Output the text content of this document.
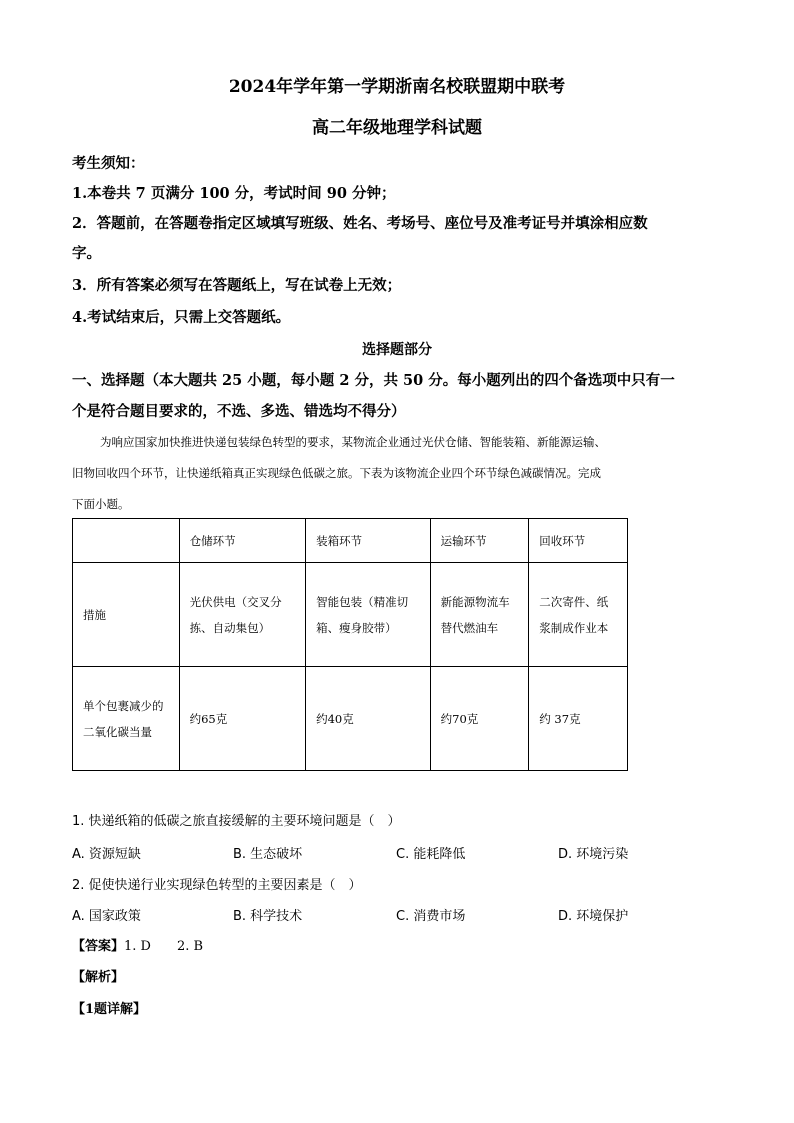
2024年学年第一学期浙南名校联盟期中联考
高二年级地理学科试题
考生须知：
1.本卷共 7 页满分 100 分，考试时间 90 分钟；
2．答题前，在答题卷指定区域填写班级、姓名、考场号、座位号及准考证号并填涂相应数
字。
3．所有答案必须写在答题纸上，写在试卷上无效；
4.考试结束后，只需上交答题纸。
选择题部分
一、选择题（本大题共 25 小题，每小题 2 分，共 50 分。每小题列出的四个备选项中只有一
个是符合题目要求的，不选、多选、错选均不得分）
为响应国家加快推进快递包装绿色转型的要求，某物流企业通过光伏仓储、智能装箱、新能源运输、
旧物回收四个环节，让快递纸箱真正实现绿色低碳之旅。下表为该物流企业四个环节绿色减碳情况。完成
下面小题。
	仓储环节	装箱环节	运输环节	回收环节
措施	光伏供电（交叉分拣、自动集包）	智能包装（精准切箱、瘦身胶带）	新能源物流车替代燃油车	二次寄件、纸浆制成作业本
单个包裹减少的二氧化碳当量	约65克	约40克	约70克	约 37克
1. 快递纸箱的低碳之旅直接缓解的主要环境问题是（　）
A. 资源短缺	B. 生态破坏	C. 能耗降低	D. 环境污染
2. 促使快递行业实现绿色转型的主要因素是（　）
A. 国家政策	B. 科学技术	C. 消费市场	D. 环境保护
【答案】1. D　　2. B
【解析】
【1题详解】
